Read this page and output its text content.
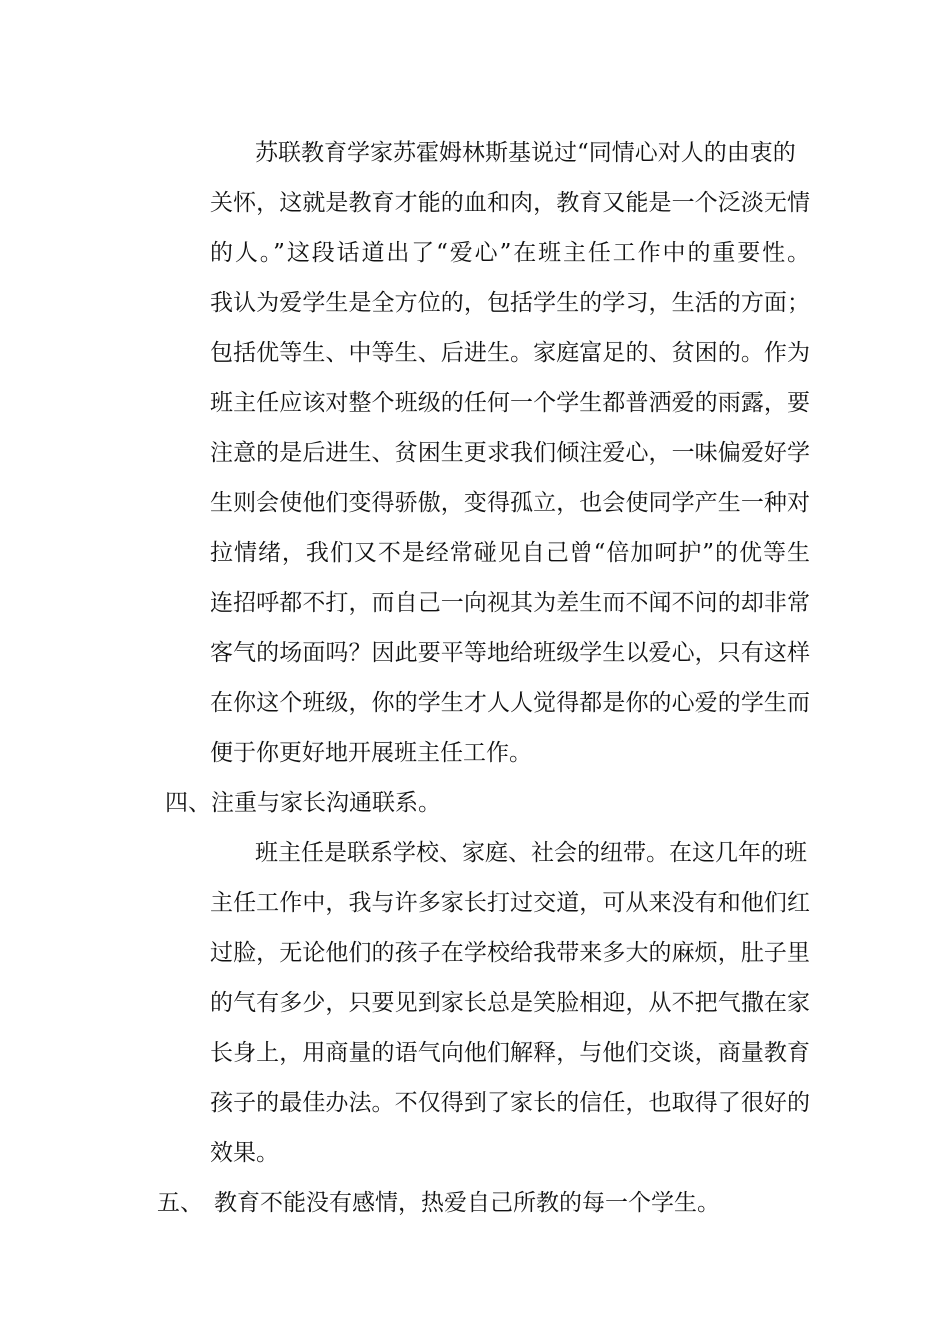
苏联教育学家苏霍姆林斯基说过“同情心对人的由衷的
关怀，这就是教育才能的血和肉，教育又能是一个泛淡无情
的人。”这段话道出了“爱心”在班主任工作中的重要性。
我认为爱学生是全方位的，包括学生的学习，生活的方面；
包括优等生、中等生、后进生。家庭富足的、贫困的。作为
班主任应该对整个班级的任何一个学生都普洒爱的雨露，要
注意的是后进生、贫困生更求我们倾注爱心，一味偏爱好学
生则会使他们变得骄傲，变得孤立，也会使同学产生一种对
拉情绪，我们又不是经常碰见自己曾“倍加呵护”的优等生
连招呼都不打，而自己一向视其为差生而不闻不问的却非常
客气的场面吗？因此要平等地给班级学生以爱心，只有这样
在你这个班级，你的学生才人人觉得都是你的心爱的学生而
便于你更好地开展班主任工作。
四、注重与家长沟通联系。
班主任是联系学校、家庭、社会的纽带。在这几年的班
主任工作中，我与许多家长打过交道，可从来没有和他们红
过脸，无论他们的孩子在学校给我带来多大的麻烦，肚子里
的气有多少，只要见到家长总是笑脸相迎，从不把气撒在家
长身上，用商量的语气向他们解释，与他们交谈，商量教育
孩子的最佳办法。不仅得到了家长的信任，也取得了很好的
效果。
五、 教育不能没有感情，热爱自己所教的每一个学生。
